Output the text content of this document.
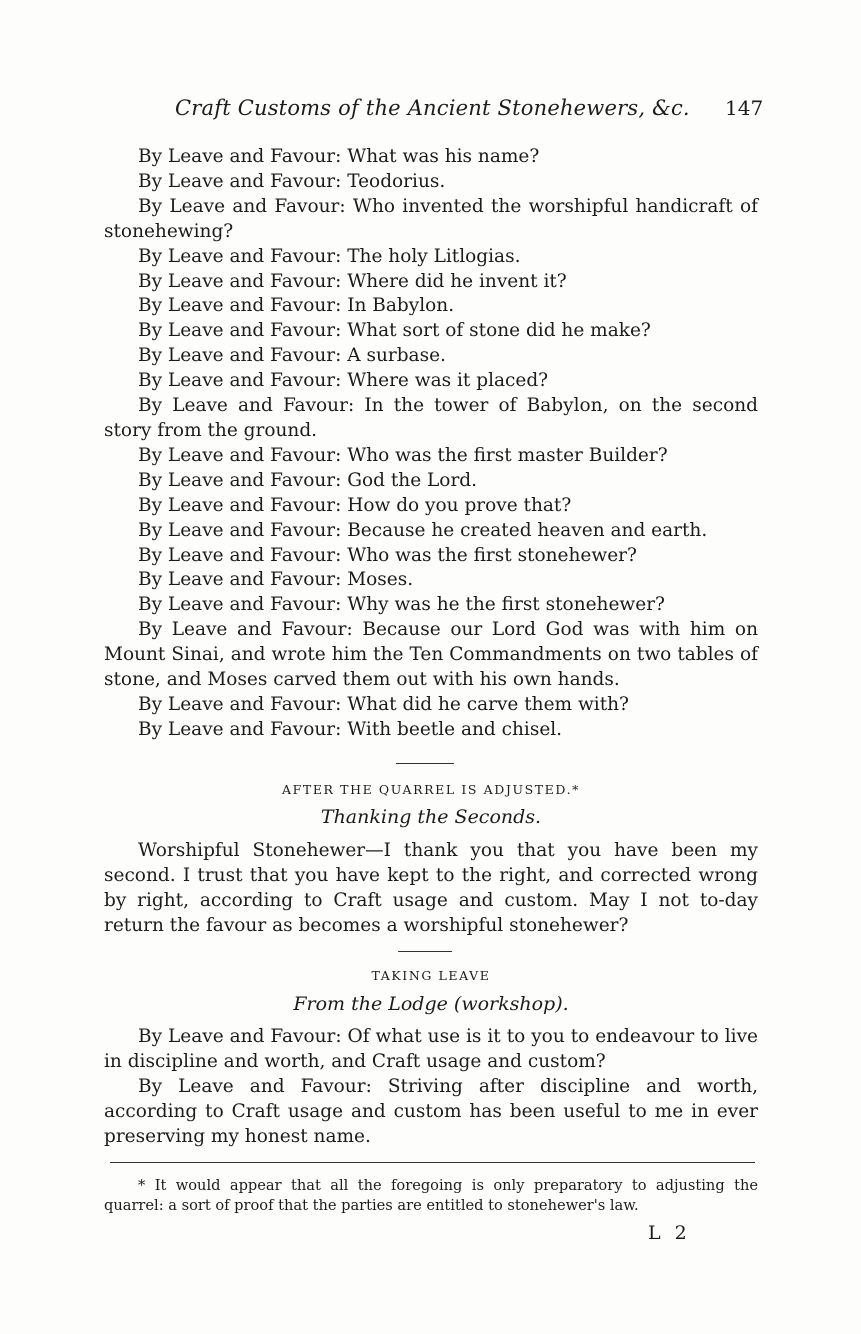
Craft Customs of the Ancient Stonehewers, &c. 147

By Leave and Favour: What was his name?

By Leave and Favour: Teodorius.

By Leave and Favour: Who invented the worshipful handicraft of stonehewing?

By Leave and Favour: The holy Litlogias.

By Leave and Favour: Where did he invent it?

By Leave and Favour: In Babylon.

By Leave and Favour: What sort of stone did he make?

By Leave and Favour: A surbase.

By Leave and Favour: Where was it placed?

By Leave and Favour: In the tower of Babylon, on the second story from the ground.

By Leave and Favour: Who was the first master Builder?

By Leave and Favour: God the Lord.

By Leave and Favour: How do you prove that?

By Leave and Favour: Because he created heaven and earth.

By Leave and Favour: Who was the first stonehewer?

By Leave and Favour: Moses.

By Leave and Favour: Why was he the first stonehewer?

By Leave and Favour: Because our Lord God was with him on Mount Sinai, and wrote him the Ten Commandments on two tables of stone, and Moses carved them out with his own hands.

By Leave and Favour: What did he carve them with?

By Leave and Favour: With beetle and chisel.

AFTER THE QUARREL IS ADJUSTED.*
Thanking the Seconds.

Worshipful Stonehewer—I thank you that you have been my second. I trust that you have kept to the right, and corrected wrong by right, according to Craft usage and custom. May I not to-day return the favour as becomes a worshipful stonehewer?

TAKING LEAVE
From the Lodge (workshop).

By Leave and Favour: Of what use is it to you to endeavour to live in discipline and worth, and Craft usage and custom?

By Leave and Favour: Striving after discipline and worth, according to Craft usage and custom has been useful to me in ever preserving my honest name.

* It would appear that all the foregoing is only preparatory to adjusting the quarrel: a sort of proof that the parties are entitled to stonehewer's law.

L 2
